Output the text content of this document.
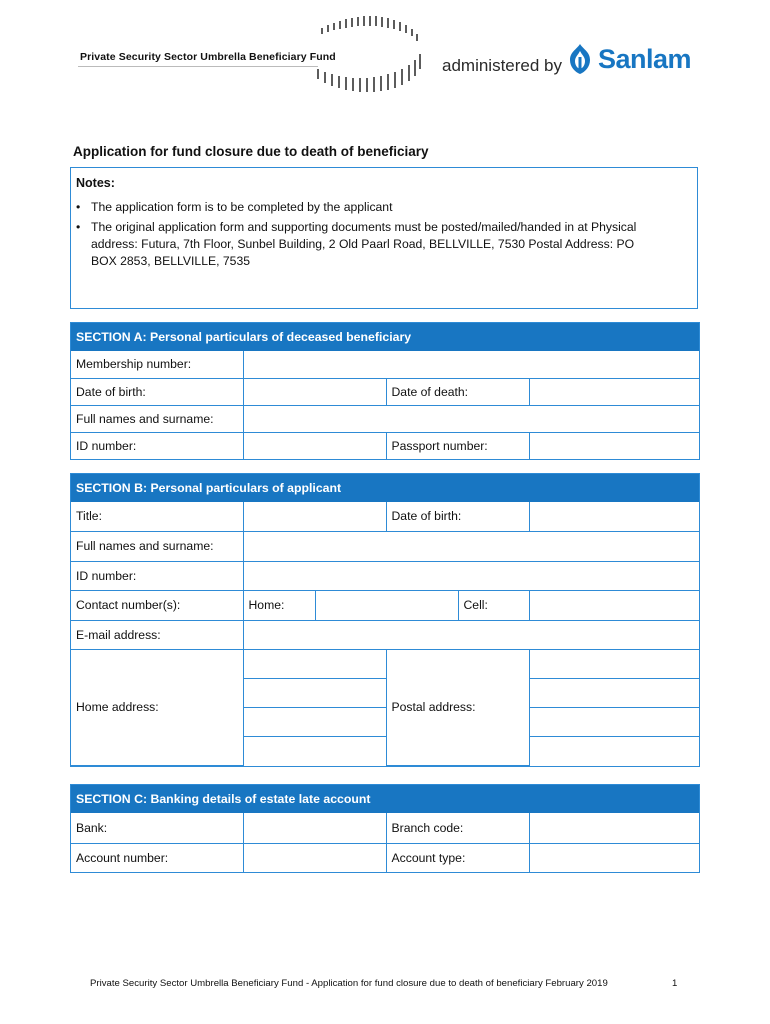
Private Security Sector Umbrella Beneficiary Fund	administered by Sanlam
Application for fund closure due to death of beneficiary
Notes:
• The application form is to be completed by the applicant
• The original application form and supporting documents must be posted/mailed/handed in at Physical address: Futura, 7th Floor, Sunbel Building, 2 Old Paarl Road, BELLVILLE, 7530 Postal Address: PO BOX 2853, BELLVILLE, 7535
SECTION A: Personal particulars of deceased beneficiary
Membership number:			
Date of birth:		Date of death:	
Full names and surname:			
ID number:		Passport number:	
SECTION B: Personal particulars of applicant
Title:			Date of birth:		
Full names and surname:					
ID number:					
Contact number(s):	Home:			Cell:	
E-mail address:					
Home address:			Postal address:		

SECTION C: Banking details of estate late account
Bank:		Branch code:	
Account number:		Account type:	
Private Security Sector Umbrella Beneficiary Fund - Application for fund closure due to death of beneficiary February 2019	1
